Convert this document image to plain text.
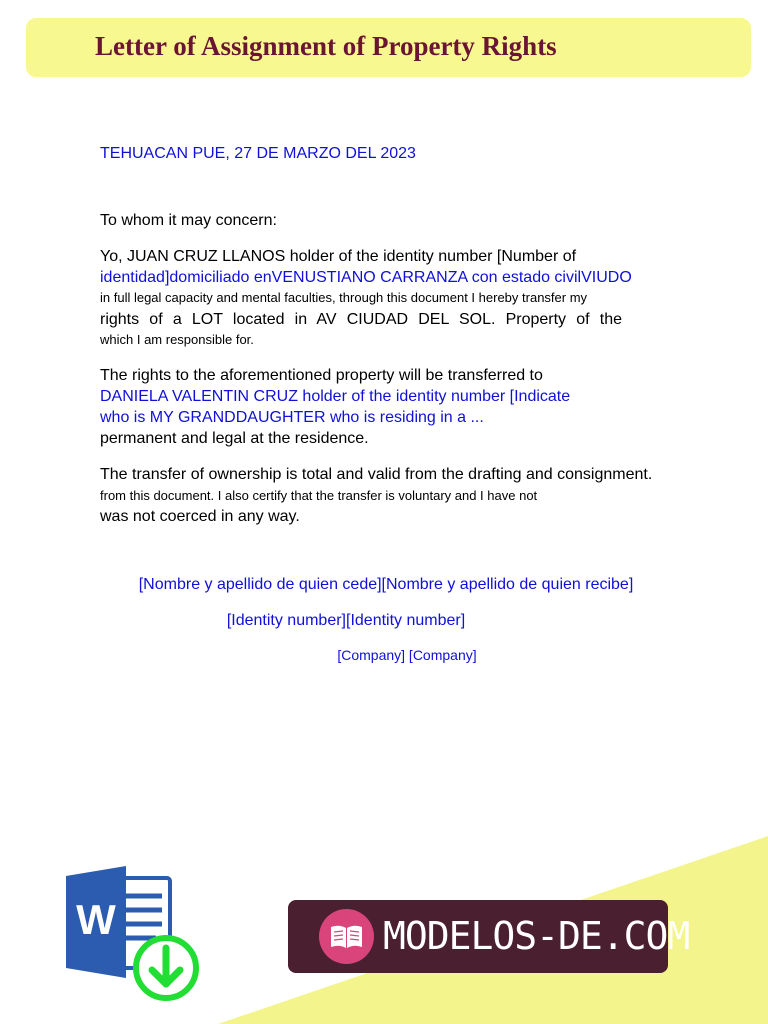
Letter of Assignment of Property Rights
TEHUACAN PUE, 27 DE MARZO DEL 2023
To whom it may concern:
Yo, JUAN CRUZ LLANOS holder of the identity number [Number of
identidad]domiciliado enVENUSTIANO CARRANZA con estado civilVIUDO
in full legal capacity and mental faculties, through this document I hereby transfer my
rights of a LOT located in AV CIUDAD DEL SOL. Property of the
which I am responsible for.
The rights to the aforementioned property will be transferred to
DANIELA VALENTIN CRUZ holder of the identity number [Indicate
who is MY GRANDDAUGHTER who is residing in a ...
permanent and legal at the residence.
The transfer of ownership is total and valid from the drafting and consignment.
from this document. I also certify that the transfer is voluntary and I have not
was not coerced in any way.
[Nombre y apellido de quien cede][Nombre y apellido de quien recibe]
[Identity number][Identity number]
[Company] [Company]
W	MODELOS-DE.COM
